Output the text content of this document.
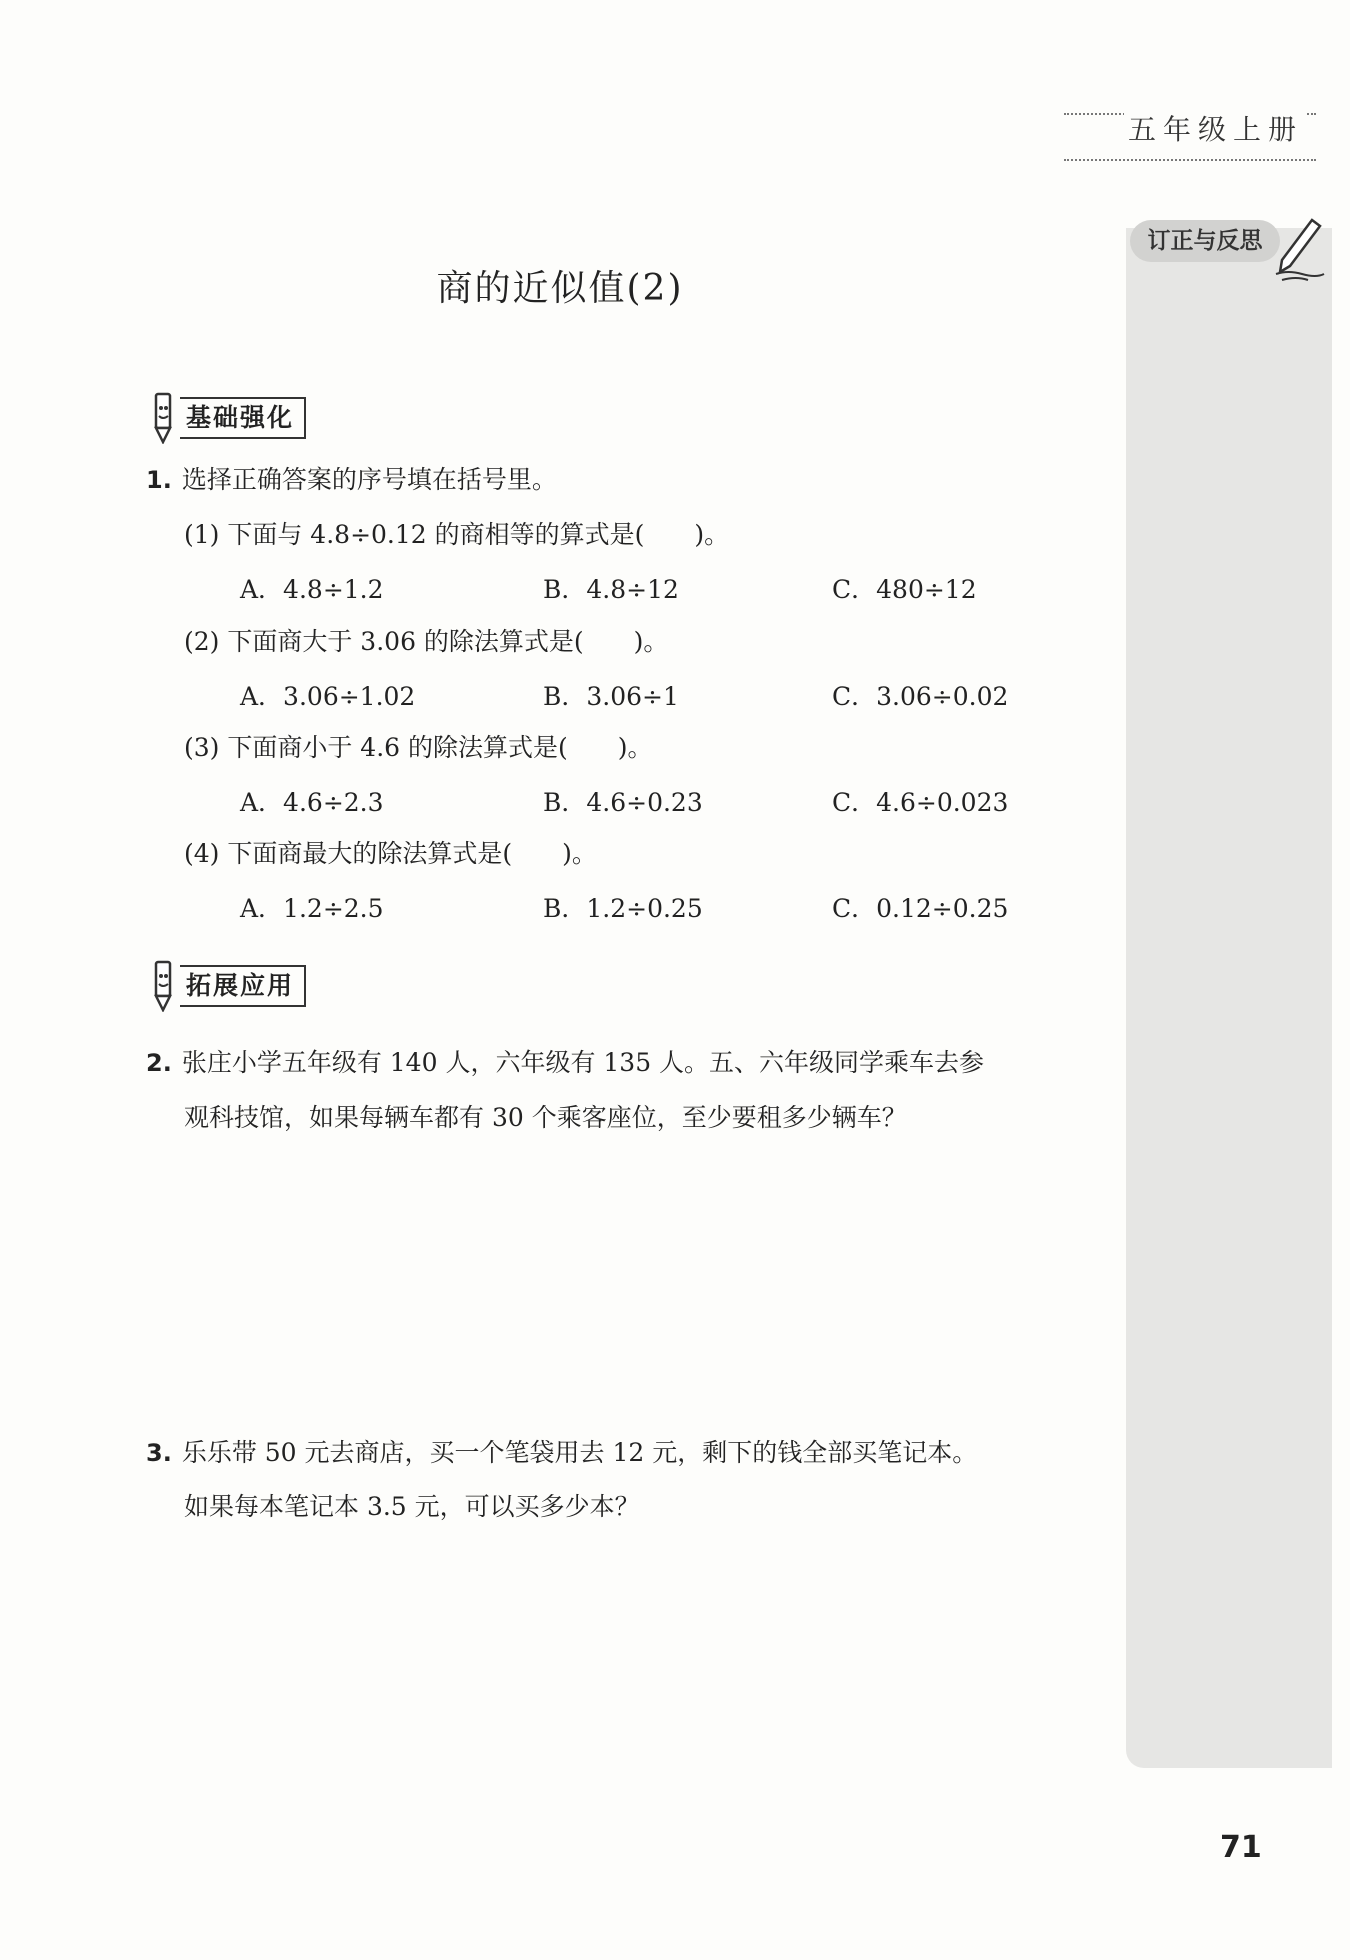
五年级上册
订正与反思
商的近似值(2)
基础强化
1. 选择正确答案的序号填在括号里。
(1) 下面与 4.8÷0.12 的商相等的算式是(　　)。
A．4.8÷1.2	B．4.8÷12	C．480÷12
(2) 下面商大于 3.06 的除法算式是(　　)。
A．3.06÷1.02	B．3.06÷1	C．3.06÷0.02
(3) 下面商小于 4.6 的除法算式是(　　)。
A．4.6÷2.3	B．4.6÷0.23	C．4.6÷0.023
(4) 下面商最大的除法算式是(　　)。
A．1.2÷2.5	B．1.2÷0.25	C．0.12÷0.25
拓展应用
2. 张庄小学五年级有 140 人，六年级有 135 人。五、六年级同学乘车去参
观科技馆，如果每辆车都有 30 个乘客座位，至少要租多少辆车？
3. 乐乐带 50 元去商店，买一个笔袋用去 12 元，剩下的钱全部买笔记本。
如果每本笔记本 3.5 元，可以买多少本？
71
